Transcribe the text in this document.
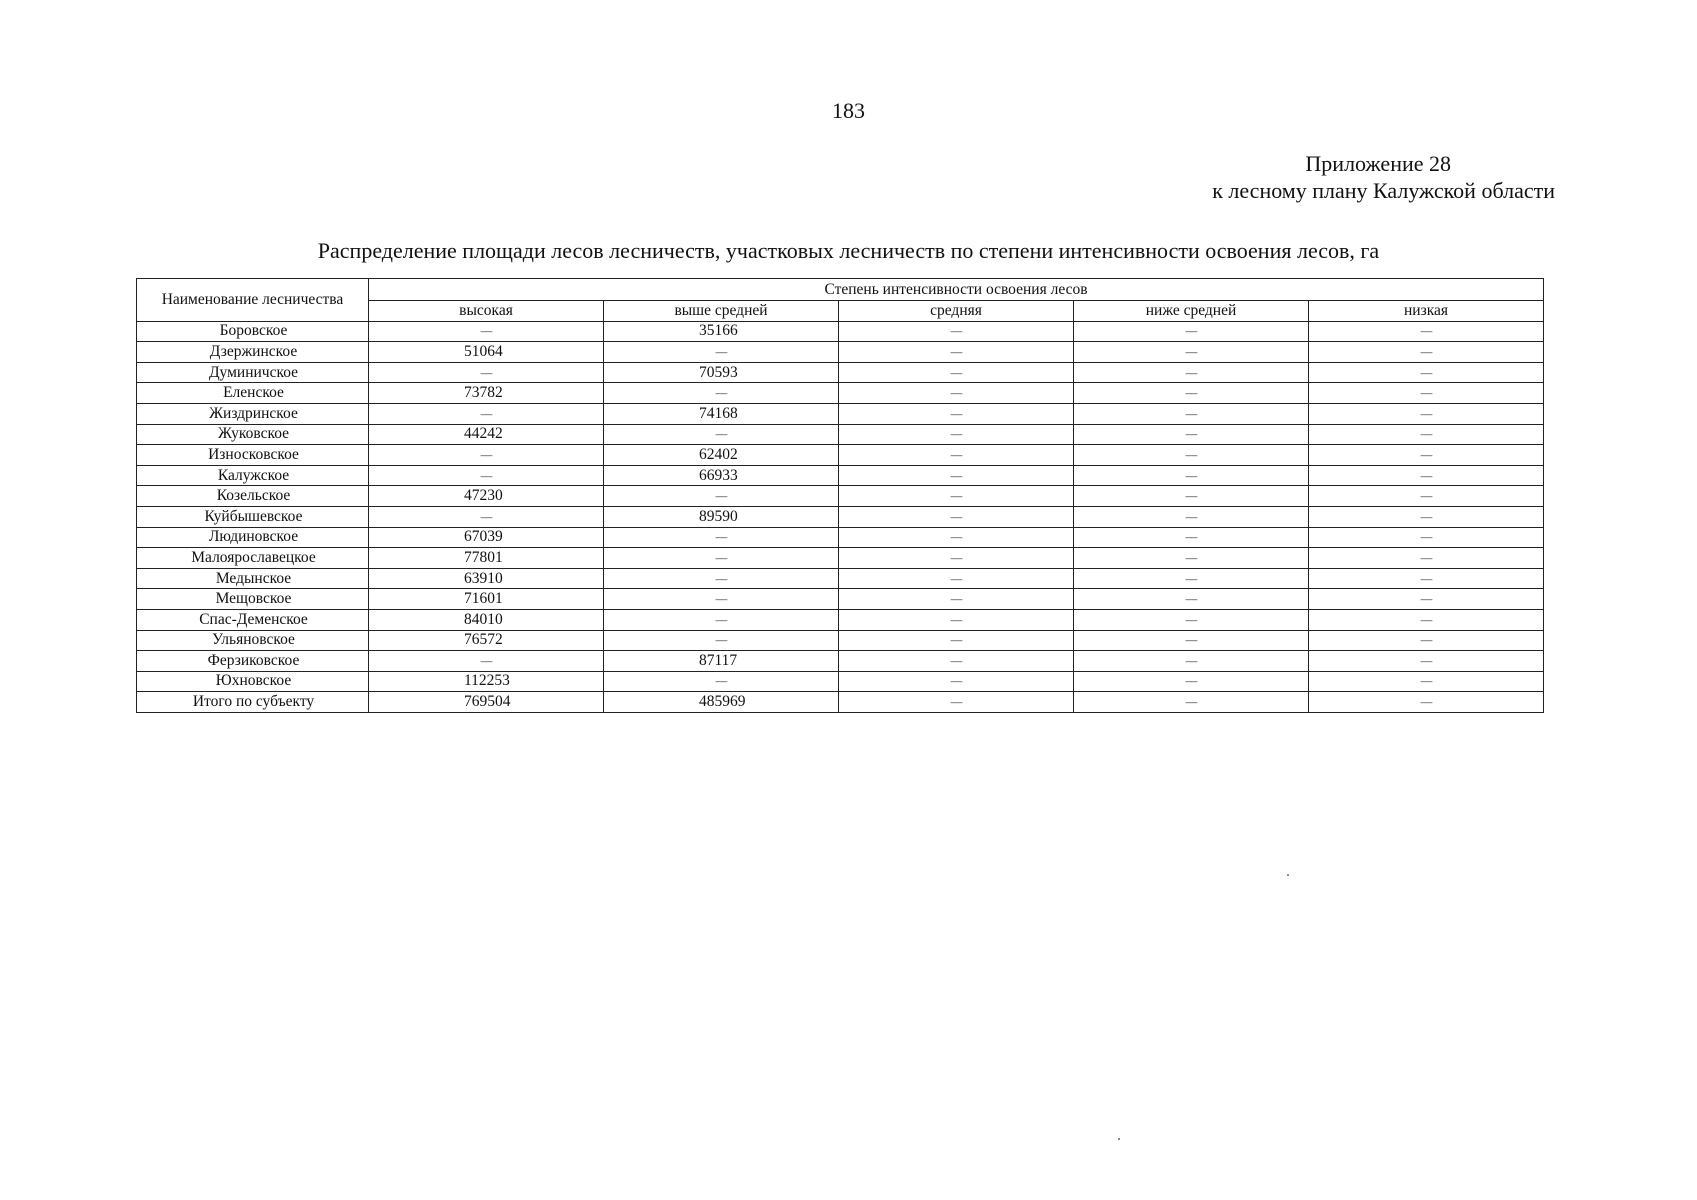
183
Приложение 28
к лесному плану Калужской области
Распределение площади лесов лесничеств, участковых лесничеств по степени интенсивности освоения лесов, га
Наименование лесничества	Степень интенсивности освоения лесов				
	высокая	выше средней	средняя	ниже средней	низкая
Боровское	—	35166	—	—	—
Дзержинское	51064	—	—	—	—
Думиничское	—	70593	—	—	—
Еленское	73782	—	—	—	—
Жиздринское	—	74168	—	—	—
Жуковское	44242	—	—	—	—
Износковское	—	62402	—	—	—
Калужское	—	66933	—	—	—
Козельское	47230	—	—	—	—
Куйбышевское	—	89590	—	—	—
Людиновское	67039	—	—	—	—
Малоярославецкое	77801	—	—	—	—
Медынское	63910	—	—	—	—
Мещовское	71601	—	—	—	—
Спас-Деменское	84010	—	—	—	—
Ульяновское	76572	—	—	—	—
Ферзиковское	—	87117	—	—	—
Юхновское	112253	—	—	—	—
Итого по субъекту	769504	485969	—	—	—
